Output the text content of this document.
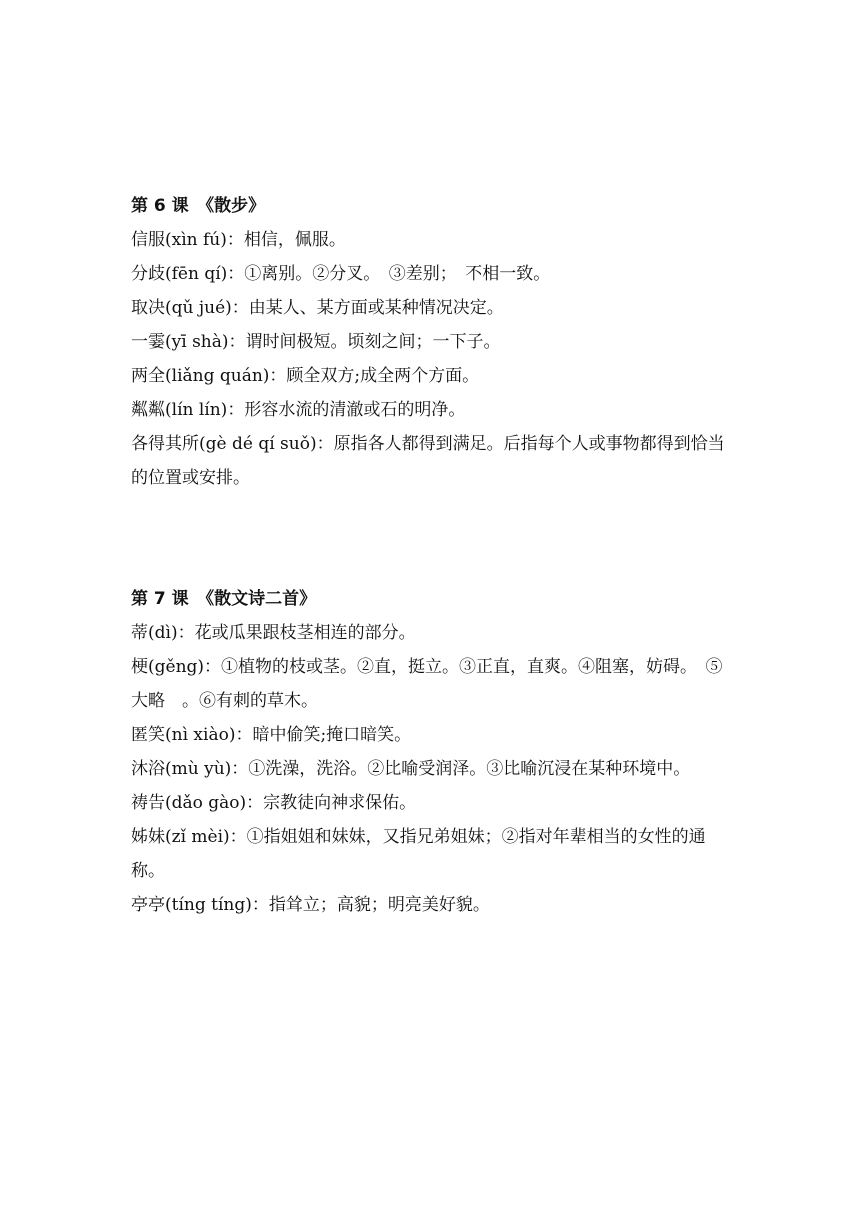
第 6 课　《散步》
信服(xìn fú)：相信，佩服。
分歧(fēn qí)：①离别。②分叉。　③差别；　不相一致。
取决(qǔ jué)：由某人、某方面或某种情况决定。
一霎(yī shà)：谓时间极短。顷刻之间；一下子。
两全(liǎng quán)：顾全双方;成全两个方面。
粼粼(lín lín)：形容水流的清澈或石的明净。
各得其所(gè dé qí suǒ)：原指各人都得到满足。后指每个人或事物都得到恰当的位置或安排。
第 7 课　《散文诗二首》
蒂(dì)：花或瓜果跟枝茎相连的部分。
梗(gěng)：①植物的枝或茎。②直，挺立。③正直，直爽。④阻塞，妨碍。　⑤大略　。⑥有刺的草木。
匿笑(nì xiào)：暗中偷笑;掩口暗笑。
沐浴(mù yù)：①洗澡，洗浴。②比喻受润泽。③比喻沉浸在某种环境中。
祷告(dǎo gào)：宗教徒向神求保佑。
姊妹(zǐ mèi)：①指姐姐和妹妹，又指兄弟姐妹；②指对年辈相当的女性的通称。
亭亭(tíng tíng)：指耸立；高貌；明亮美好貌。
